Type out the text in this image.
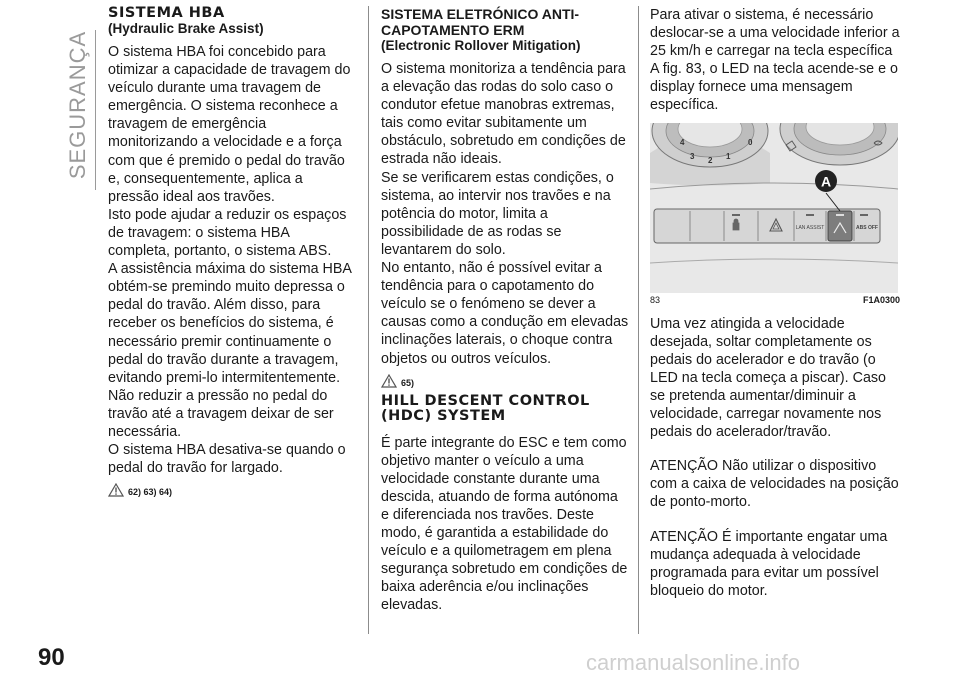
SEGURANÇA
SISTEMA HBA
(Hydraulic Brake Assist)

O sistema HBA foi concebido para otimizar a capacidade de travagem do veículo durante uma travagem de emergência. O sistema reconhece a travagem de emergência monitorizando a velocidade e a força com que é premido o pedal do travão e, consequentemente, aplica a pressão ideal aos travões.

Isto pode ajudar a reduzir os espaços de travagem: o sistema HBA completa, portanto, o sistema ABS.

A assistência máxima do sistema HBA obtém-se premindo muito depressa o pedal do travão. Além disso, para receber os benefícios do sistema, é necessário premir continuamente o pedal do travão durante a travagem, evitando premi-lo intermitentemente.

Não reduzir a pressão no pedal do travão até a travagem deixar de ser necessária.

O sistema HBA desativa-se quando o pedal do travão for largado.

62) 63) 64)
SISTEMA ELETRÓNICO ANTI-CAPOTAMENTO ERM
(Electronic Rollover Mitigation)

O sistema monitoriza a tendência para a elevação das rodas do solo caso o condutor efetue manobras extremas, tais como evitar subitamente um obstáculo, sobretudo em condições de estrada não ideais.

Se se verificarem estas condições, o sistema, ao intervir nos travões e na potência do motor, limita a possibilidade de as rodas se levantarem do solo.

No entanto, não é possível evitar a tendência para o capotamento do veículo se o fenómeno se dever a causas como a condução em elevadas inclinações laterais, o choque contra objetos ou outros veículos.

65)
HILL DESCENT CONTROL (HDC) SYSTEM

É parte integrante do ESC e tem como objetivo manter o veículo a uma velocidade constante durante uma descida, atuando de forma autónoma e diferenciada nos travões. Deste modo, é garantida a estabilidade do veículo e a quilometragem em plena segurança sobretudo em condições de baixa aderência e/ou inclinações elevadas.

Para ativar o sistema, é necessário deslocar-se a uma velocidade inferior a 25 km/h e carregar na tecla específica A fig. 83, o LED na tecla acende-se e o display fornece uma mensagem específica.

4
3 2 1
0
LAN ASSIST	ABS OFF
A
83	F1A0300

Uma vez atingida a velocidade desejada, soltar completamente os pedais do acelerador e do travão (o LED na tecla começa a piscar). Caso se pretenda aumentar/diminuir a velocidade, carregar novamente nos pedais do acelerador/travão.

ATENÇÃO Não utilizar o dispositivo com a caixa de velocidades na posição de ponto-morto.

ATENÇÃO É importante engatar uma mudança adequada à velocidade programada para evitar um possível bloqueio do motor.

90	carmanualsonline.info
